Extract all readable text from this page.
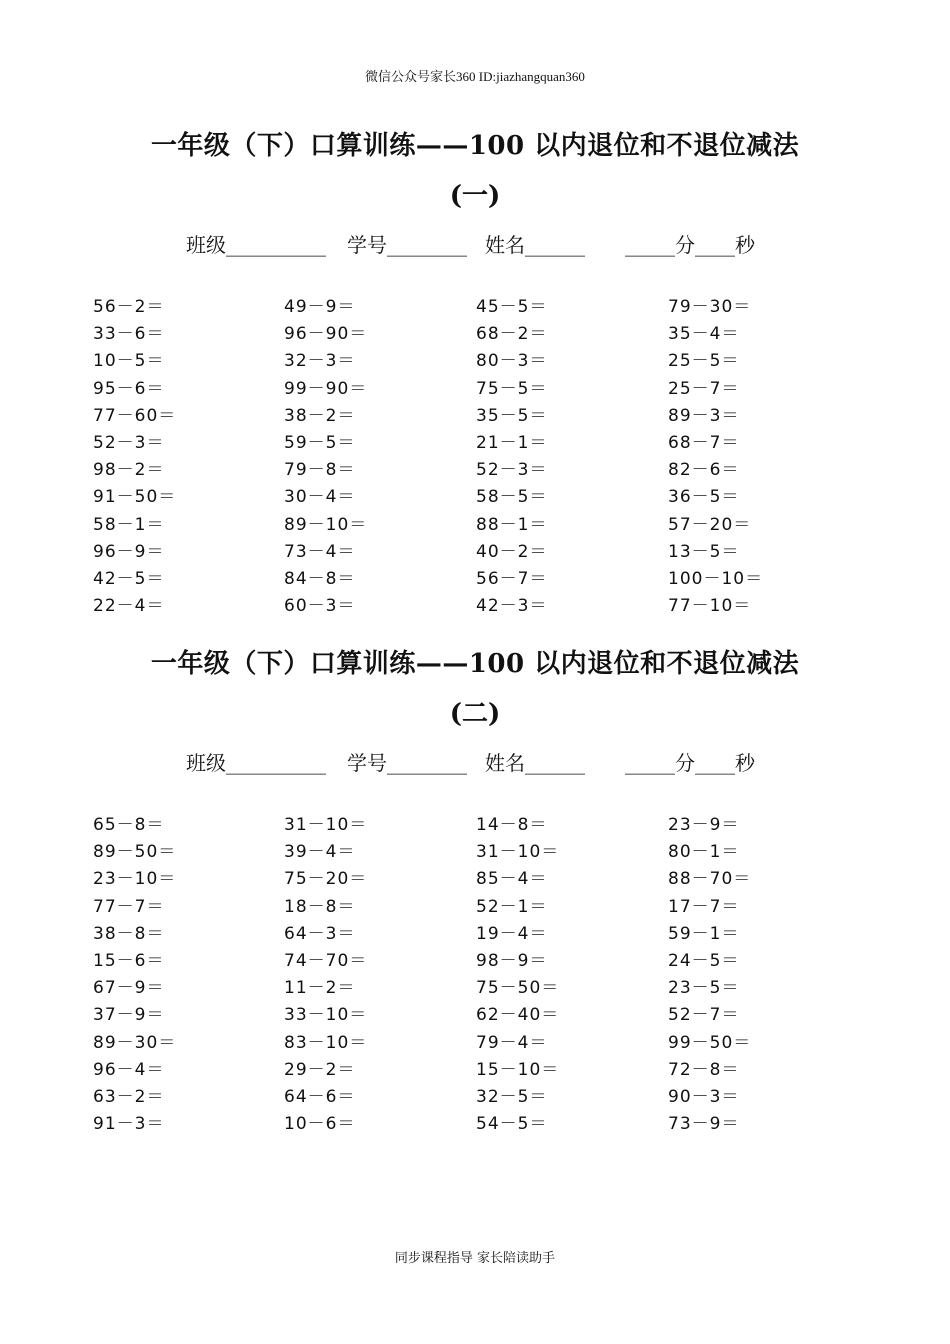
微信公众号家长360 ID:jiazhangquan360
一年级（下）口算训练——100 以内退位和不退位减法
(一)
班级__________ 学号________ 姓名______ _____分____秒
56－2＝	49－9＝	45－5＝	79－30＝
33－6＝	96－90＝	68－2＝	35－4＝
10－5＝	32－3＝	80－3＝	25－5＝
95－6＝	99－90＝	75－5＝	25－7＝
77－60＝	38－2＝	35－5＝	89－3＝
52－3＝	59－5＝	21－1＝	68－7＝
98－2＝	79－8＝	52－3＝	82－6＝
91－50＝	30－4＝	58－5＝	36－5＝
58－1＝	89－10＝	88－1＝	57－20＝
96－9＝	73－4＝	40－2＝	13－5＝
42－5＝	84－8＝	56－7＝	100－10＝
22－4＝	60－3＝	42－3＝	77－10＝
一年级（下）口算训练——100 以内退位和不退位减法
(二)
班级__________ 学号________ 姓名______ _____分____秒
65－8＝	31－10＝	14－8＝	23－9＝
89－50＝	39－4＝	31－10＝	80－1＝
23－10＝	75－20＝	85－4＝	88－70＝
77－7＝	18－8＝	52－1＝	17－7＝
38－8＝	64－3＝	19－4＝	59－1＝
15－6＝	74－70＝	98－9＝	24－5＝
67－9＝	11－2＝	75－50＝	23－5＝
37－9＝	33－10＝	62－40＝	52－7＝
89－30＝	83－10＝	79－4＝	99－50＝
96－4＝	29－2＝	15－10＝	72－8＝
63－2＝	64－6＝	32－5＝	90－3＝
91－3＝	10－6＝	54－5＝	73－9＝
同步课程指导 家长陪读助手
